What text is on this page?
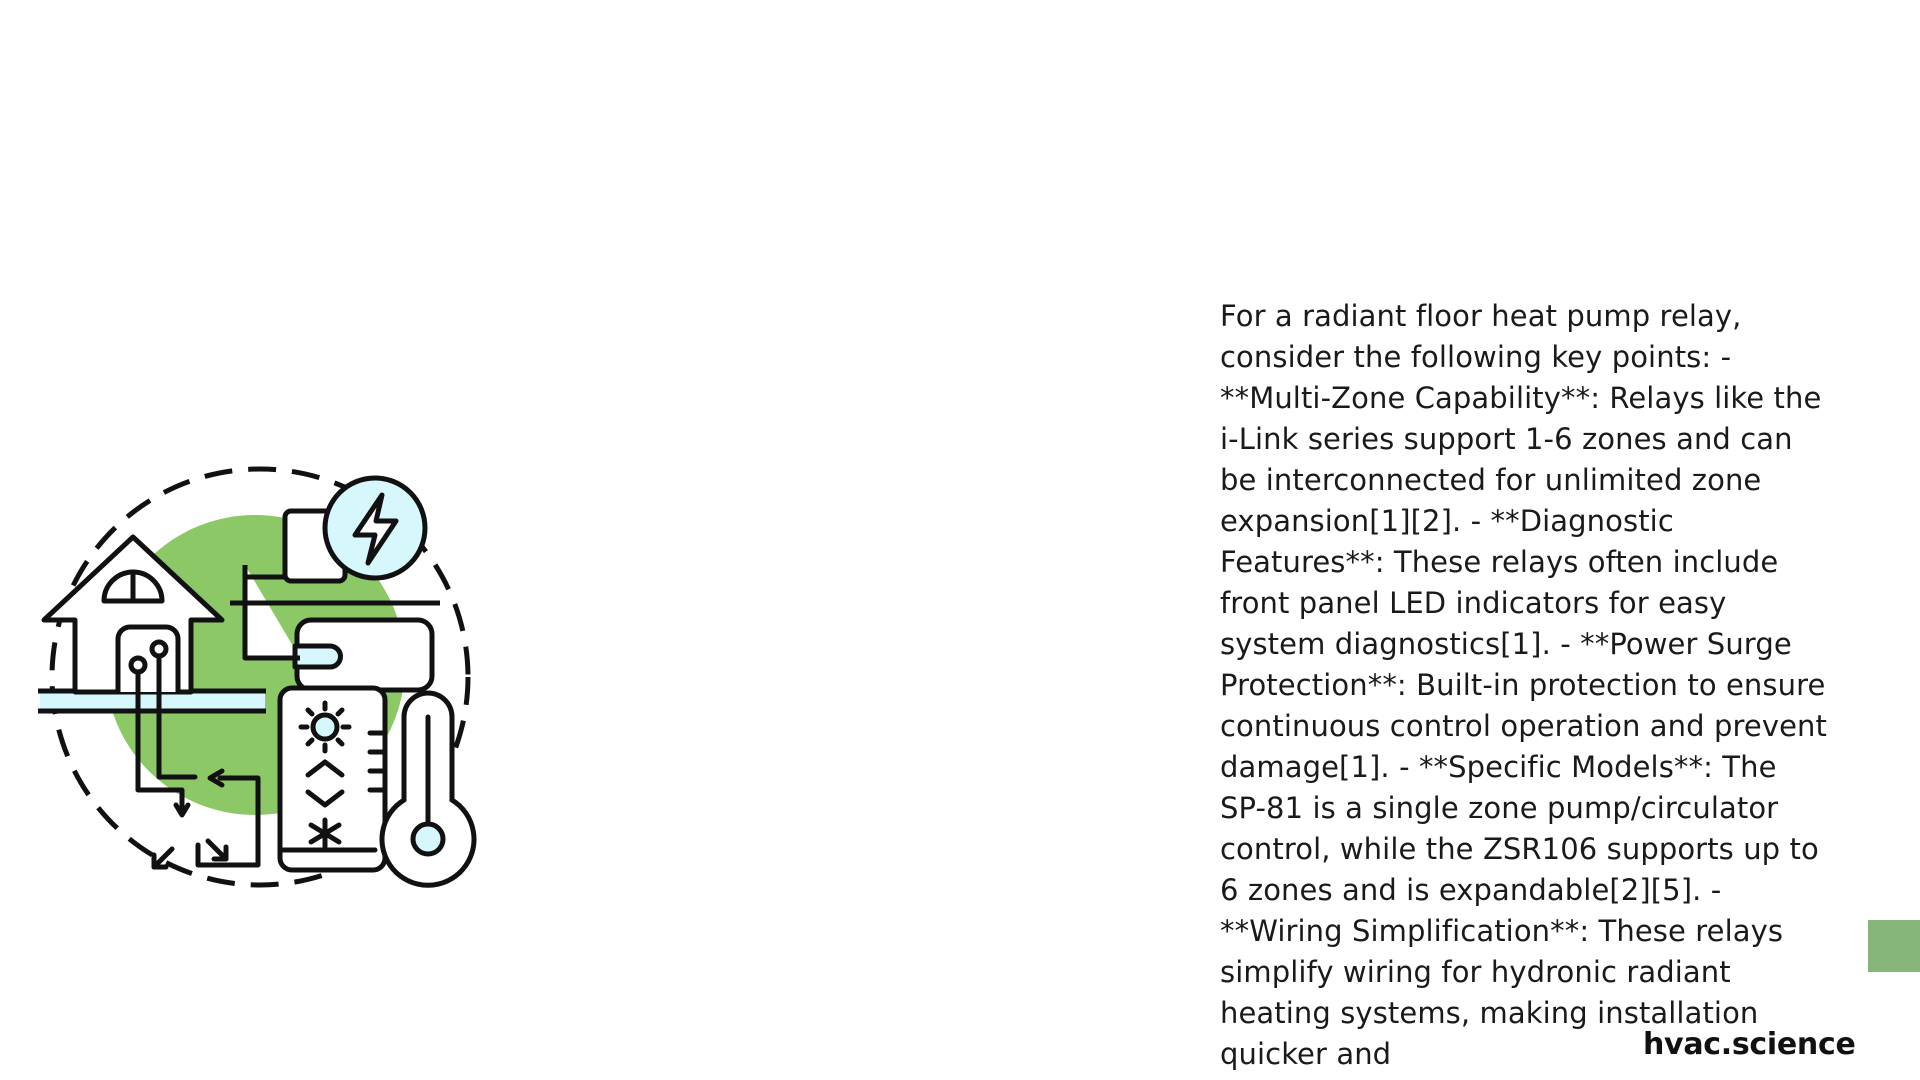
For a radiant floor heat pump relay, consider the following key points: - **Multi-Zone Capability**: Relays like the i-Link series support 1-6 zones and can be interconnected for unlimited zone expansion[1][2]. - **Diagnostic Features**: These relays often include front panel LED indicators for easy system diagnostics[1]. - **Power Surge Protection**: Built-in protection to ensure continuous control operation and prevent damage[1]. - **Specific Models**: The SP-81 is a single zone pump/circulator control, while the ZSR106 supports up to 6 zones and is expandable[2][5]. - **Wiring Simplification**: These relays simplify wiring for hydronic radiant heating systems, making installation quicker and	hvac.science
